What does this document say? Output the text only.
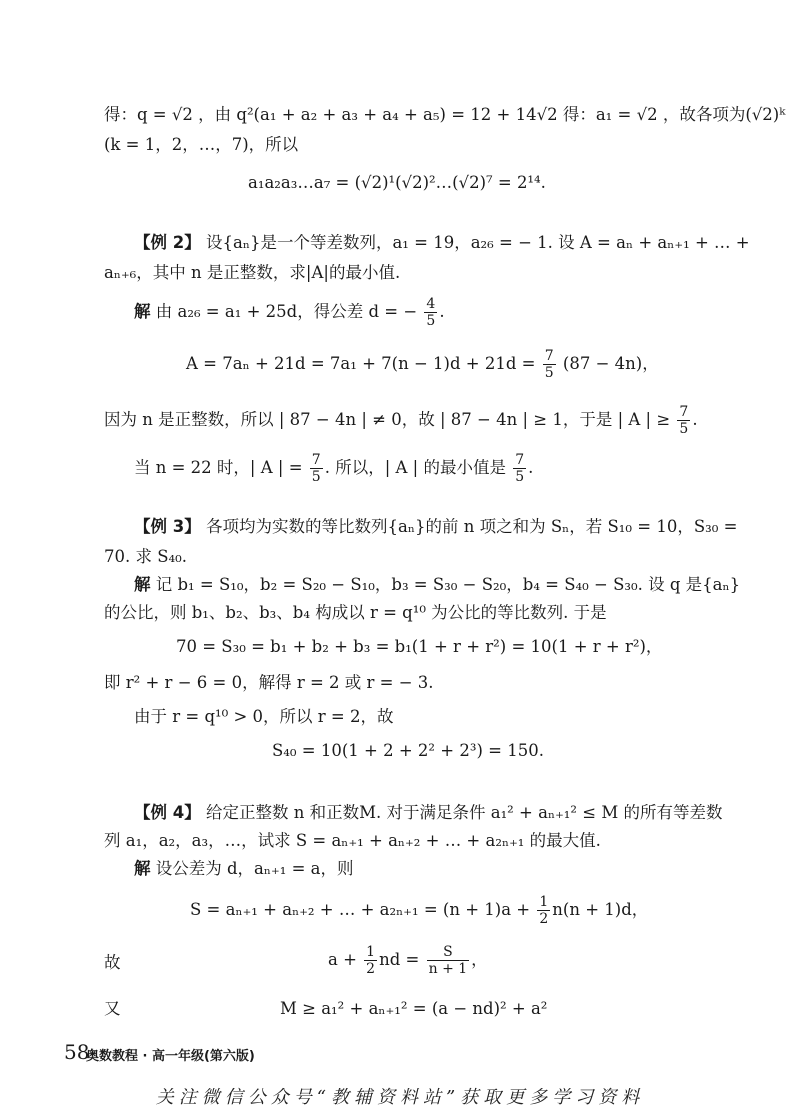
得：q = √2 ，由 q²(a₁ + a₂ + a₃ + a₄ + a₅) = 12 + 14√2 得：a₁ = √2 ，故各项为(√2)ᵏ
(k = 1，2，…，7)，所以
a₁a₂a₃…a₇ = (√2)¹(√2)²…(√2)⁷ = 2¹⁴.
【例 2】 设{aₙ}是一个等差数列，a₁ = 19，a₂₆ = − 1. 设 A = aₙ + aₙ₊₁ + … +
aₙ₊₆，其中 n 是正整数，求|A|的最小值.
解 由 a₂₆ = a₁ + 25d，得公差 d = − $\frac{4}{5}$ .
$A = 7a_n + 21d = 7a_1 + 7(n - 1)d + 21d = \frac{7}{5} (87 - 4n)$，
因为 n 是正整数，所以 | 87 − 4n | ≠ 0，故 | 87 − 4n | ≥ 1，于是 | A | ≥ $\frac{7}{5}$ .
当 n = 22 时，| A | = $\frac{7}{5}$ . 所以，| A | 的最小值是 $\frac{7}{5}$ .
【例 3】 各项均为实数的等比数列{aₙ}的前 n 项之和为 Sₙ，若 S₁₀ = 10，S₃₀ =
70. 求 S₄₀.
解 记 b₁ = S₁₀，b₂ = S₂₀ − S₁₀，b₃ = S₃₀ − S₂₀，b₄ = S₄₀ − S₃₀. 设 q 是{aₙ}
的公比，则 b₁、b₂、b₃、b₄ 构成以 r = q¹⁰ 为公比的等比数列. 于是
70 = S₃₀ = b₁ + b₂ + b₃ = b₁(1 + r + r²) = 10(1 + r + r²)，
即 r² + r − 6 = 0，解得 r = 2 或 r = − 3.
由于 r = q¹⁰ > 0，所以 r = 2，故
S₄₀ = 10(1 + 2 + 2² + 2³) = 150.
【例 4】 给定正整数 n 和正数M. 对于满足条件 a₁² + aₙ₊₁² ≤ M 的所有等差数
列 a₁，a₂，a₃，…，试求 S = aₙ₊₁ + aₙ₊₂ + … + a₂ₙ₊₁ 的最大值.
解 设公差为 d，aₙ₊₁ = a，则
S = aₙ₊₁ + aₙ₊₂ + … + $a_{2n+1} = (n + 1)a + \frac{1}{2} n(n + 1)d$，
故	$a + \frac{1}{2}$ nd = $\frac{S}{n + 1}$ ，
又	M ≥ a₁² + aₙ₊₁² = (a − nd)² + a²
58
奥数教程 · 高一年级(第六版)
关注微信公众号“教辅资料站”获取更多学习资料
